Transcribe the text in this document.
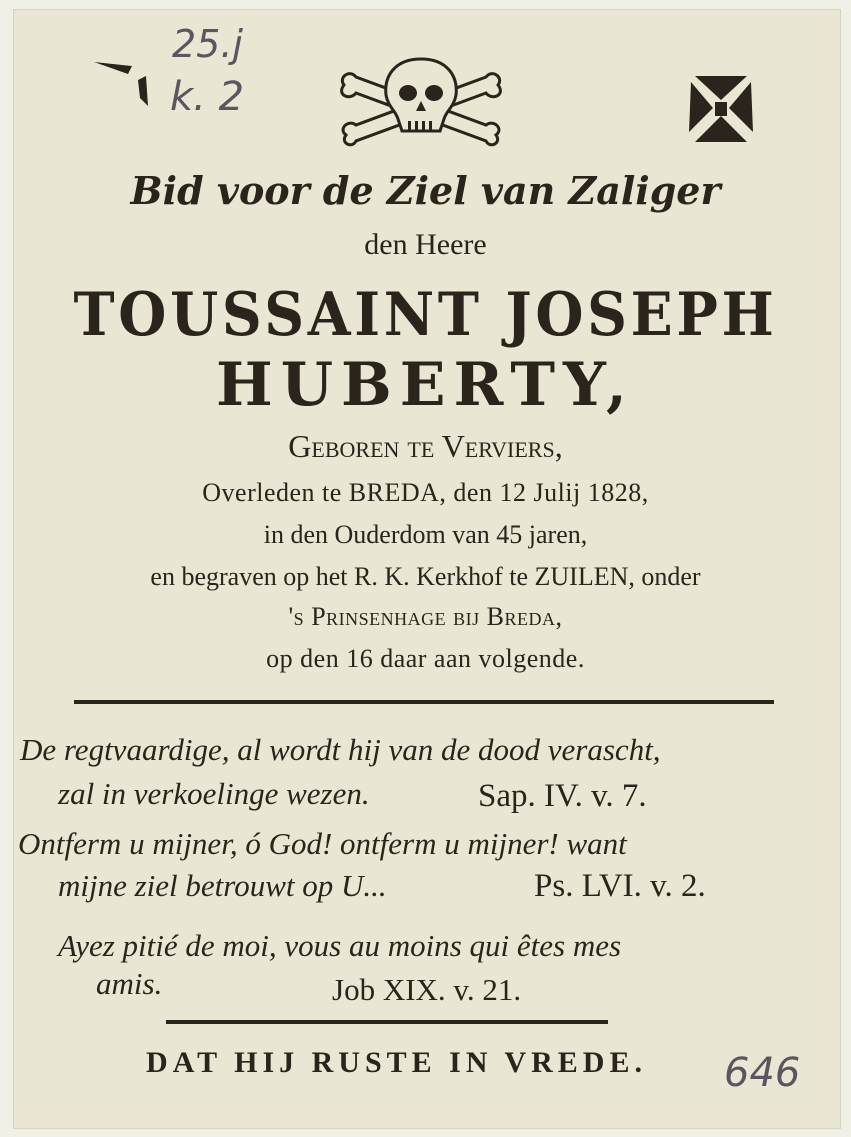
25.j
k. 2
646
Bid voor de Ziel van Zaliger
den Heere
TOUSSAINT JOSEPH
HUBERTY,
Geboren te Verviers,
Overleden te BREDA, den 12 Julij 1828,
in den Ouderdom van 45 jaren,
en begraven op het R. K. Kerkhof te ZUILEN, onder
's Prinsenhage bij Breda,
op den 16 daar aan volgende.
De regtvaardige, al wordt hij van de dood verascht,
zal in verkoelinge wezen.	Sap. IV. v. 7.
Ontferm u mijner, ó God! ontferm u mijner! want
mijne ziel betrouwt op U...	Ps. LVI. v. 2.
Ayez pitié de moi, vous au moins qui êtes mes
amis.	Job XIX. v. 21.
DAT HIJ RUSTE IN VREDE.
